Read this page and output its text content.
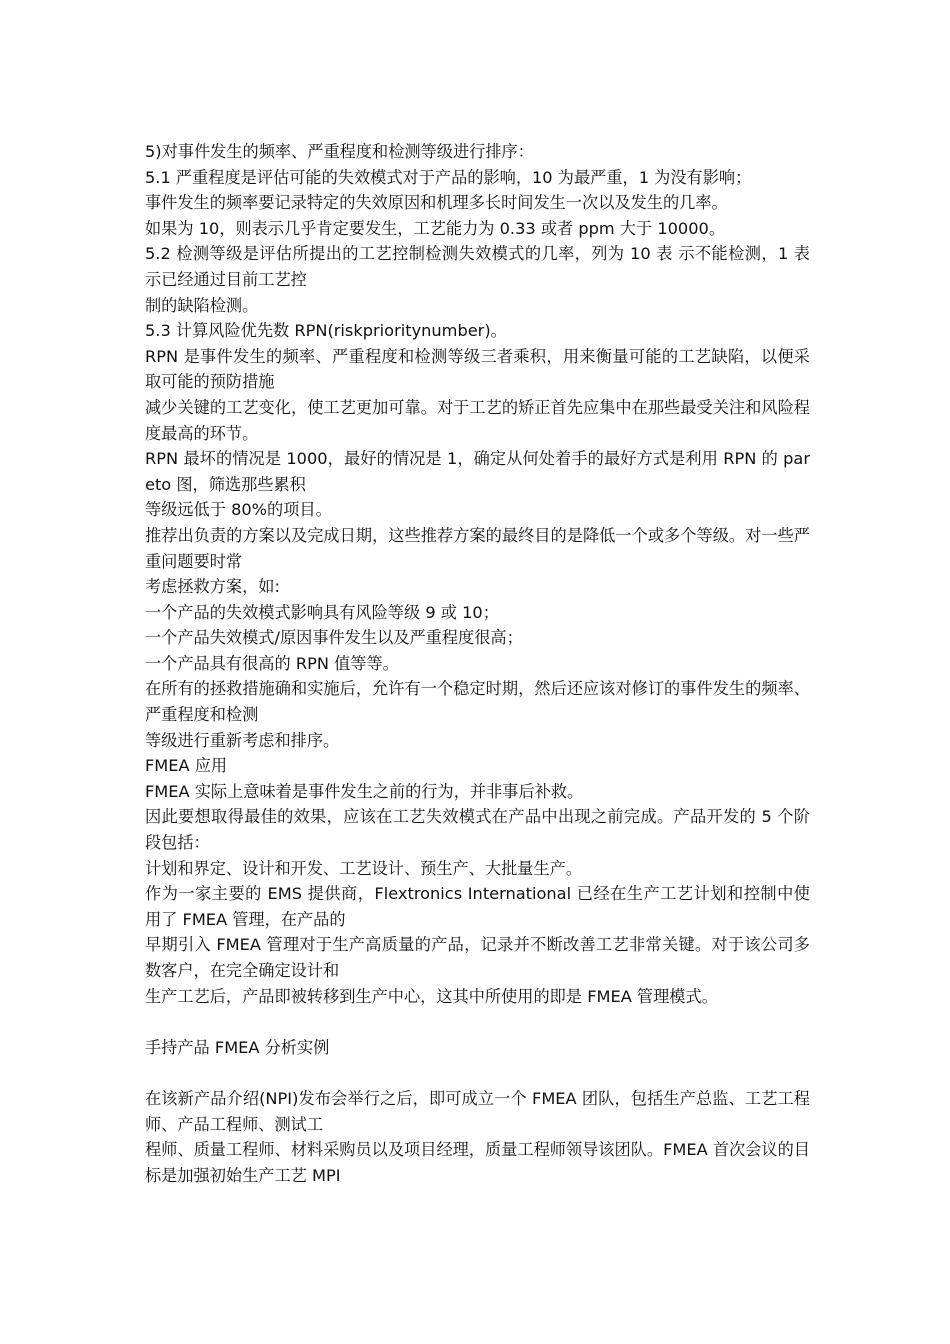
5)对事件发生的频率、严重程度和检测等级进行排序：

5.1 严重程度是评估可能的失效模式对于产品的影响，10 为最严重，1 为没有影响；

事件发生的频率要记录特定的失效原因和机理多长时间发生一次以及发生的几率。

如果为 10，则表示几乎肯定要发生，工艺能力为 0.33 或者 ppm 大于 10000。

5.2 检测等级是评估所提出的工艺控制检测失效模式的几率，列为 10 表 示不能检测，1 表示已经通过目前工艺控

制的缺陷检测。

5.3 计算风险优先数 RPN(riskprioritynumber)。

RPN 是事件发生的频率、严重程度和检测等级三者乘积，用来衡量可能的工艺缺陷，以便采取可能的预防措施

减少关键的工艺变化，使工艺更加可靠。对于工艺的矫正首先应集中在那些最受关注和风险程度最高的环节。

RPN 最坏的情况是 1000，最好的情况是 1，确定从何处着手的最好方式是利用 RPN 的 pareto 图，筛选那些累积

等级远低于 80%的项目。

推荐出负责的方案以及完成日期，这些推荐方案的最终目的是降低一个或多个等级。对一些严重问题要时常

考虑拯救方案，如:

一个产品的失效模式影响具有风险等级 9 或 10；

一个产品失效模式/原因事件发生以及严重程度很高；

一个产品具有很高的 RPN 值等等。

在所有的拯救措施确和实施后，允许有一个稳定时期，然后还应该对修订的事件发生的频率、严重程度和检测

等级进行重新考虑和排序。

FMEA 应用

FMEA 实际上意味着是事件发生之前的行为，并非事后补救。

因此要想取得最佳的效果，应该在工艺失效模式在产品中出现之前完成。产品开发的 5 个阶段包括：

计划和界定、设计和开发、工艺设计、预生产、大批量生产。

作为一家主要的 EMS 提供商，Flextronics International 已经在生产工艺计划和控制中使用了 FMEA 管理，在产品的

早期引入 FMEA 管理对于生产高质量的产品，记录并不断改善工艺非常关键。对于该公司多数客户，在完全确定设计和

生产工艺后，产品即被转移到生产中心，这其中所使用的即是 FMEA 管理模式。

手持产品 FMEA 分析实例

在该新产品介绍(NPI)发布会举行之后，即可成立一个 FMEA 团队，包括生产总监、工艺工程师、产品工程师、测试工

程师、质量工程师、材料采购员以及项目经理，质量工程师领导该团队。FMEA 首次会议的目标是加强初始生产工艺 MPI
